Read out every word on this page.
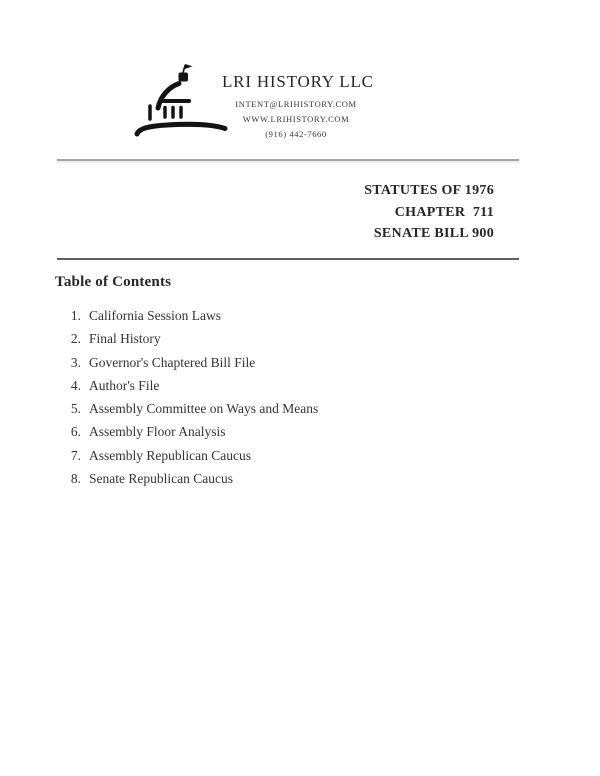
LRI HISTORY LLC
INTENT@LRIHISTORY.COM
WWW.LRIHISTORY.COM
(916) 442-7660
STATUTES OF 1976
CHAPTER  711
SENATE BILL 900
Table of Contents
1. California Session Laws
2. Final History
3. Governor's Chaptered Bill File
4. Author's File
5. Assembly Committee on Ways and Means
6. Assembly Floor Analysis
7. Assembly Republican Caucus
8. Senate Republican Caucus
